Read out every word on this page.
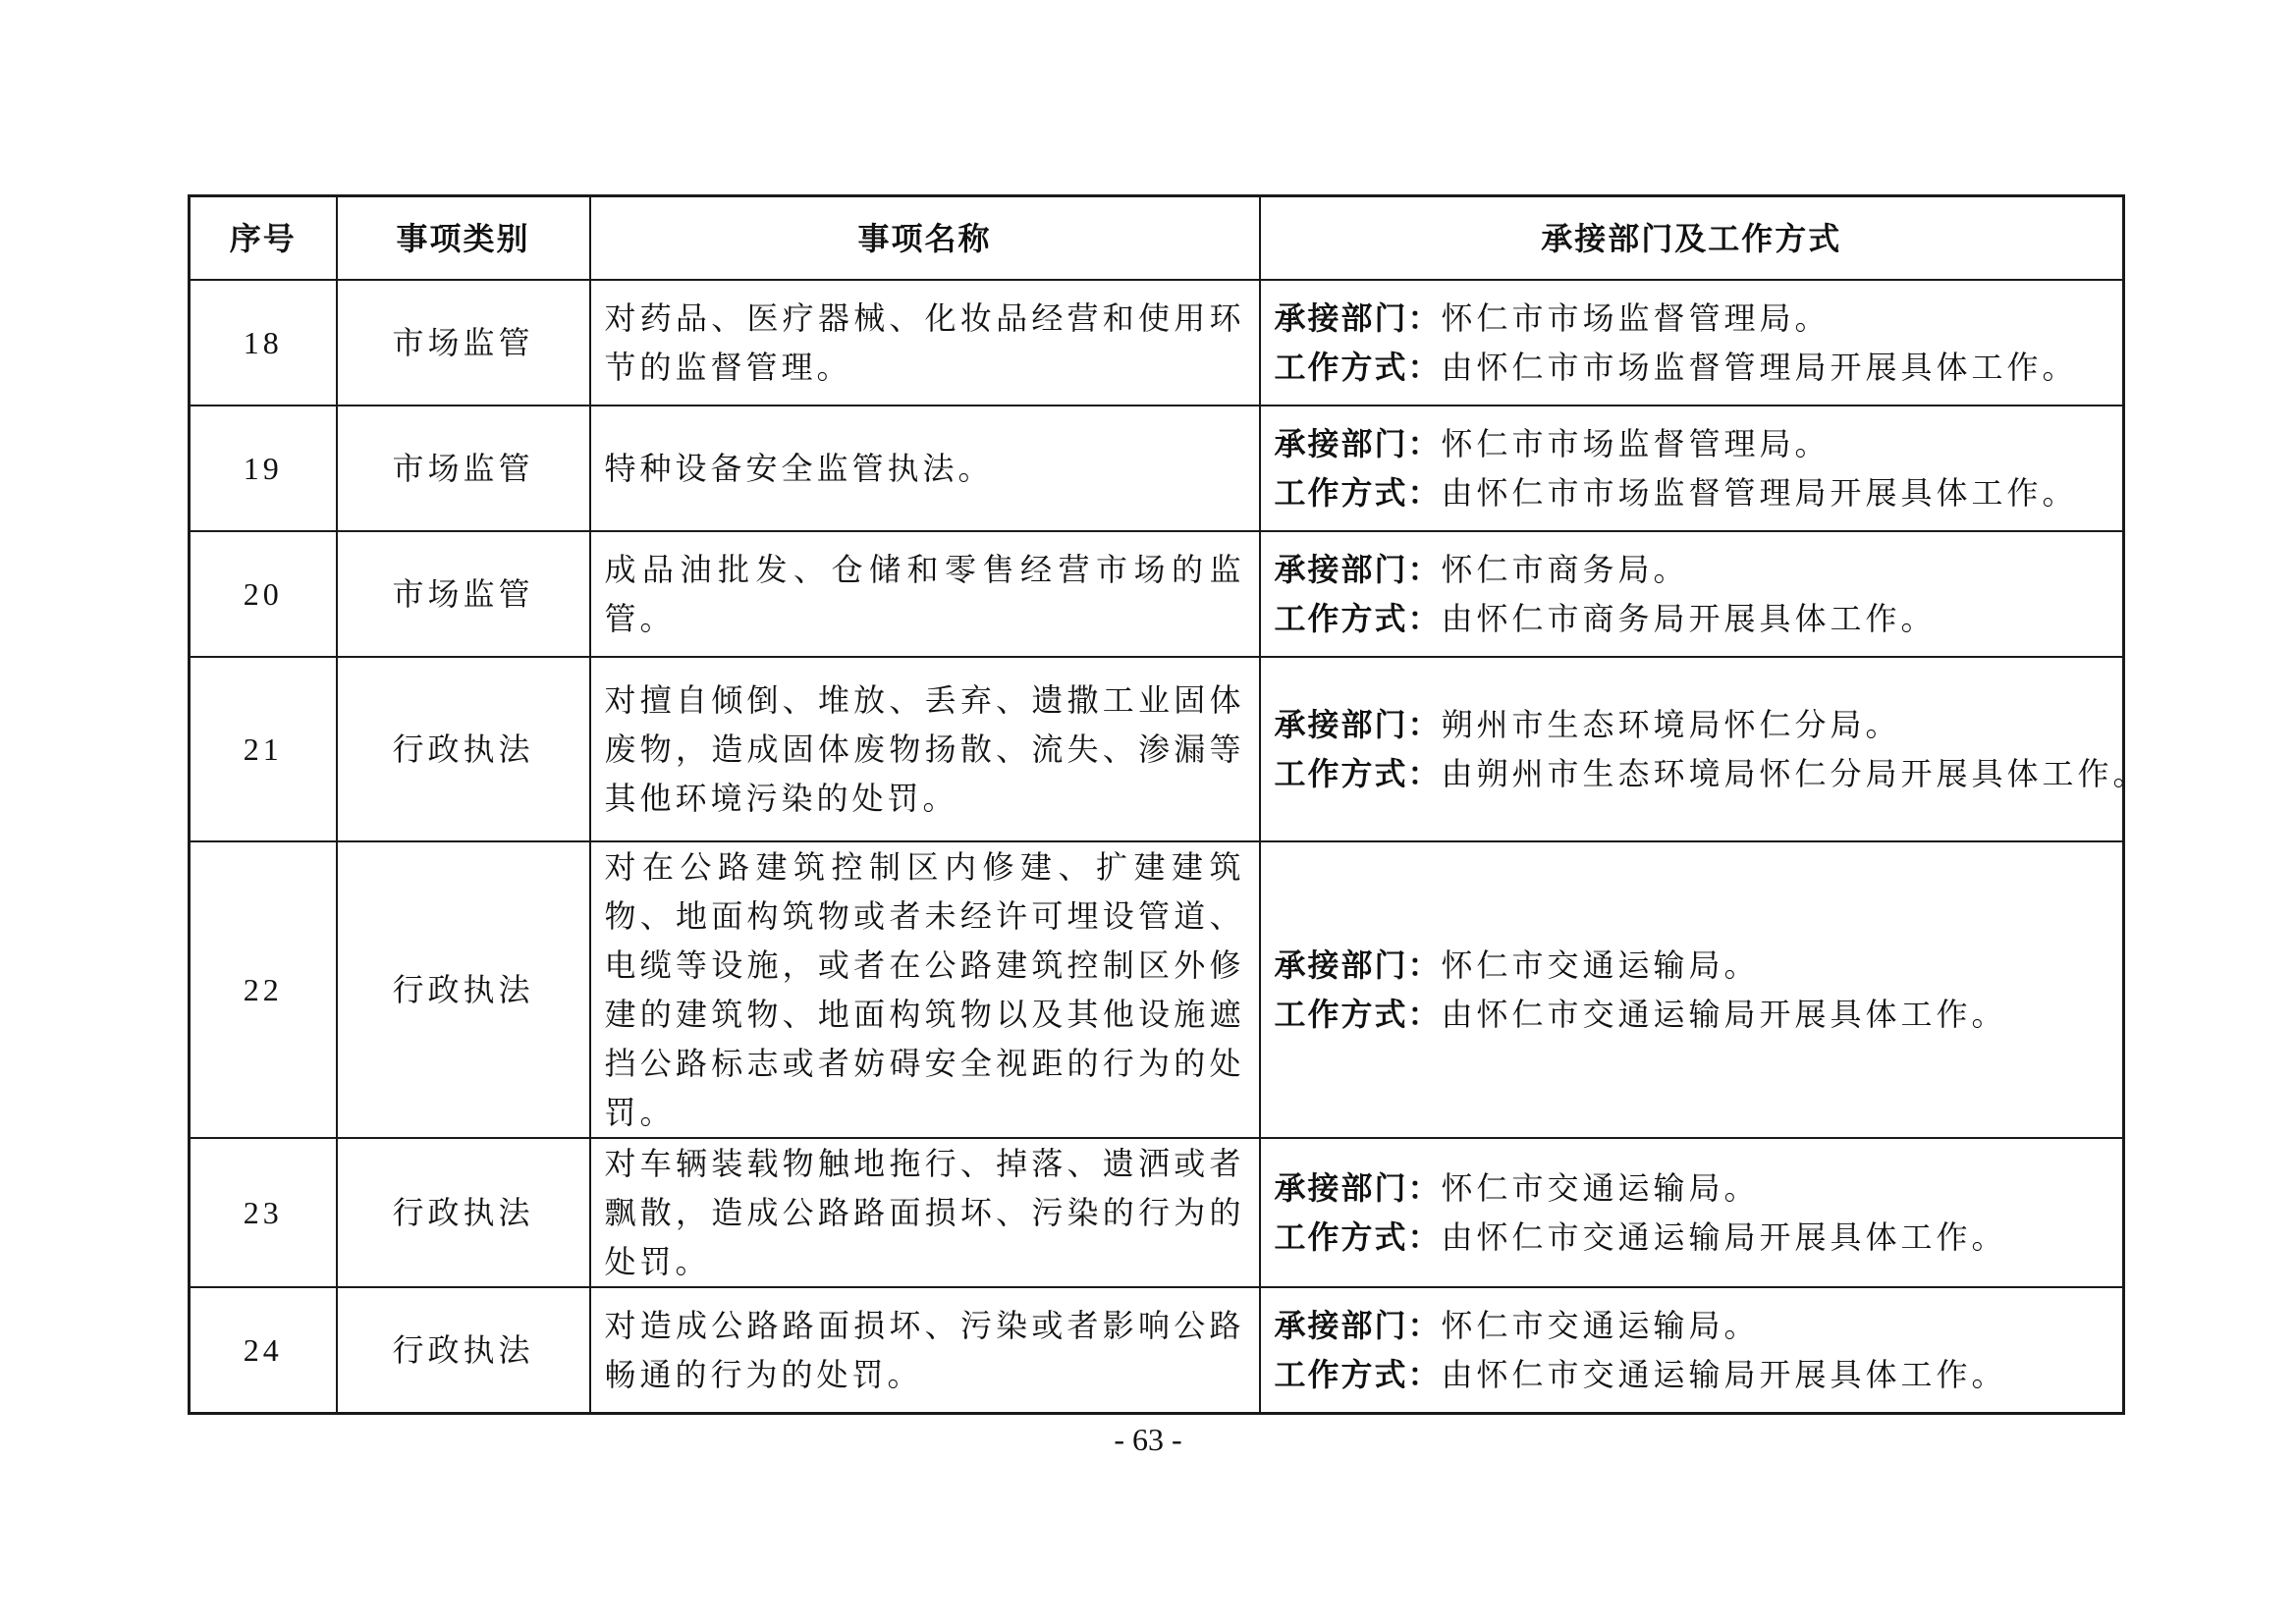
序号	事项类别	事项名称	承接部门及工作方式
18	市场监管	对药品、医疗器械、化妆品经营和使用环节的监督管理。	承接部门：怀仁市市场监督管理局。
工作方式：由怀仁市市场监督管理局开展具体工作。

19	市场监管	特种设备安全监管执法。	承接部门：怀仁市市场监督管理局。
工作方式：由怀仁市市场监督管理局开展具体工作。

20	市场监管	成品油批发、仓储和零售经营市场的监管。	承接部门：怀仁市商务局。
工作方式：由怀仁市商务局开展具体工作。

21	行政执法	对擅自倾倒、堆放、丢弃、遗撒工业固体废物，造成固体废物扬散、流失、渗漏等其他环境污染的处罚。	承接部门：朔州市生态环境局怀仁分局。
工作方式：由朔州市生态环境局怀仁分局开展具体工作。

22	行政执法	对在公路建筑控制区内修建、扩建建筑物、地面构筑物或者未经许可埋设管道、电缆等设施，或者在公路建筑控制区外修建的建筑物、地面构筑物以及其他设施遮挡公路标志或者妨碍安全视距的行为的处罚。	承接部门：怀仁市交通运输局。
工作方式：由怀仁市交通运输局开展具体工作。

23	行政执法	对车辆装载物触地拖行、掉落、遗洒或者飘散，造成公路路面损坏、污染的行为的处罚。	承接部门：怀仁市交通运输局。
工作方式：由怀仁市交通运输局开展具体工作。

24	行政执法	对造成公路路面损坏、污染或者影响公路畅通的行为的处罚。	承接部门：怀仁市交通运输局。
工作方式：由怀仁市交通运输局开展具体工作。
- 63 -
